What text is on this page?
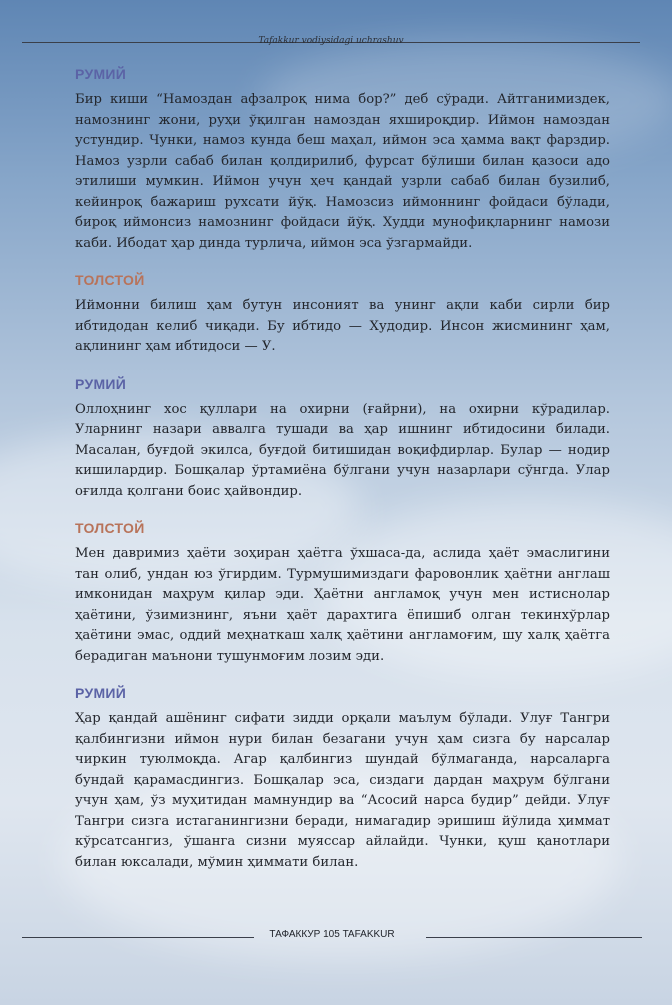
Tafakkur vodiysidagi uchrashuv
РУМИЙ

Бир киши “Намоздан афзалроқ нима бор?” деб сўради. Айтганимиздек, намознинг жони, руҳи ўқилган намоздан яхшироқдир. Иймон намоздан устундир. Чунки, намоз кунда беш маҳал, иймон эса ҳамма вақт фарздир. Намоз узрли сабаб билан қолдирилиб, фурсат бўлиши билан қазоси адо этилиши мумкин. Иймон учун ҳеч қандай узрли сабаб билан бузилиб, кейинроқ бажариш рухсати йўқ. Намозсиз иймоннинг фойдаси бўлади, бироқ иймонсиз намознинг фойдаси йўқ. Худди мунофиқларнинг намози каби. Ибодат ҳар динда турлича, иймон эса ўзгармайди.

ТОЛСТОЙ

Иймонни билиш ҳам бутун инсоният ва унинг ақли каби сирли бир ибтидодан келиб чиқади. Бу ибтидо — Худодир. Инсон жисмининг ҳам, ақлининг ҳам ибтидоси — У.

РУМИЙ

Оллоҳнинг хос қуллари на охирни (ғайрни), на охирни кўрадилар. Уларнинг назари аввалга тушади ва ҳар ишнинг ибтидосини билади. Масалан, буғдой экилса, буғдой битишидан воқифдирлар. Булар — нодир кишилардир. Бошқалар ўртамиёна бўлгани учун назарлари сўнгда. Улар оғилда қолгани боис ҳайвондир.

ТОЛСТОЙ

Мен давримиз ҳаёти зоҳиран ҳаётга ўхшаса-да, аслида ҳаёт эмаслигини тан олиб, ундан юз ўгирдим. Турмушимиздаги фаровонлик ҳаётни англаш имконидан маҳрум қилар эди. Ҳаётни англамоқ учун мен истиснолар ҳаётини, ўзимизнинг, яъни ҳаёт дарахтига ёпишиб олган текинхўрлар ҳаётини эмас, оддий меҳнаткаш халқ ҳаётини англамоғим, шу халқ ҳаётга берадиган маънони тушунмоғим лозим эди.

РУМИЙ

Ҳар қандай ашёнинг сифати зидди орқали маълум бўлади. Улуғ Тангри қалбингизни иймон нури билан безагани учун ҳам сизга бу нарсалар чиркин туюлмоқда. Агар қалбингиз шундай бўлмаганда, нарсаларга бундай қарамасдингиз. Бошқалар эса, сиздаги дардан маҳрум бўлгани учун ҳам, ўз муҳитидан мамнундир ва “Асосий нарса будир” дейди. Улуғ Тангри сизга истаганингизни беради, нимагадир эришиш йўлида ҳиммат кўрсатсангиз, ўшанга сизни муяссар айлайди. Чунки, қуш қанотлари билан юксалади, мўмин ҳиммати билан.

ТАФАККУР 105 TAFAKKUR
